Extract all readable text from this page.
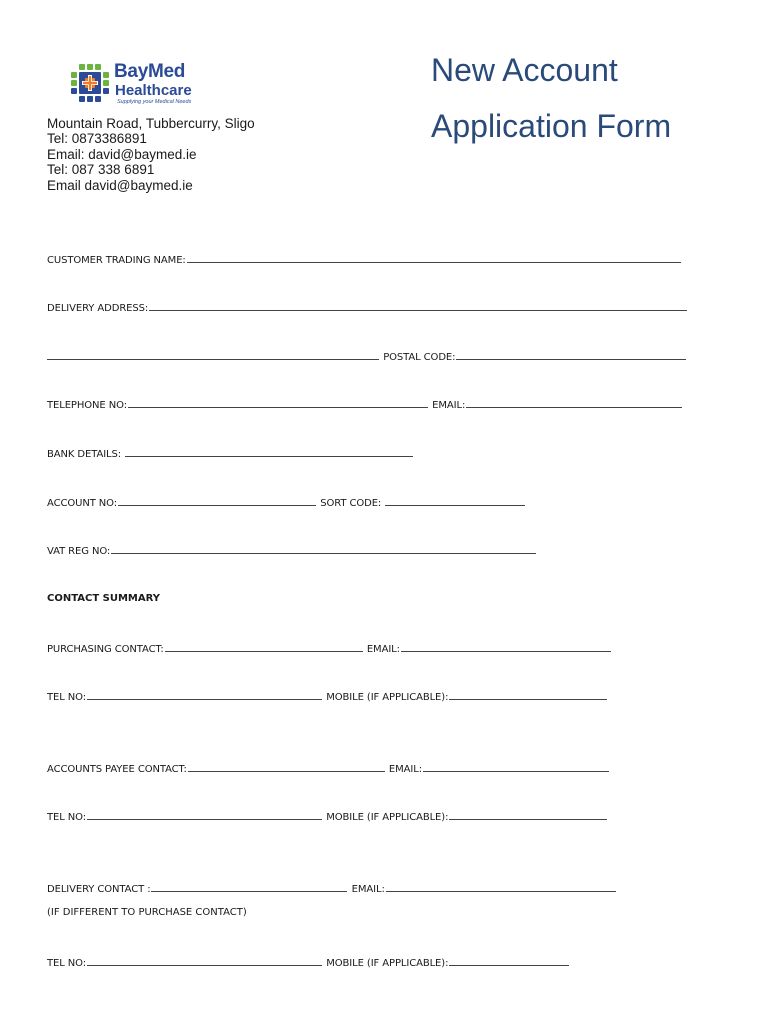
BayMed
Healthcare
Supplying your Medical Needs
Mountain Road, Tubbercurry, Sligo
Tel: 0873386891
Email: david@baymed.ie
Tel: 087 338 6891
Email david@baymed.ie
New Account
Application Form
CUSTOMER TRADING NAME:
DELIVERY ADDRESS:
POSTAL CODE:
TELEPHONE NO:	EMAIL:
BANK DETAILS:
ACCOUNT NO:	SORT CODE:
VAT REG NO:
CONTACT SUMMARY
PURCHASING CONTACT:	EMAIL:
TEL NO:	MOBILE (IF APPLICABLE):
ACCOUNTS PAYEE CONTACT:	EMAIL:
TEL NO:	MOBILE (IF APPLICABLE):
DELIVERY CONTACT :	EMAIL:
(IF DIFFERENT TO PURCHASE CONTACT)
TEL NO:	MOBILE (IF APPLICABLE):
